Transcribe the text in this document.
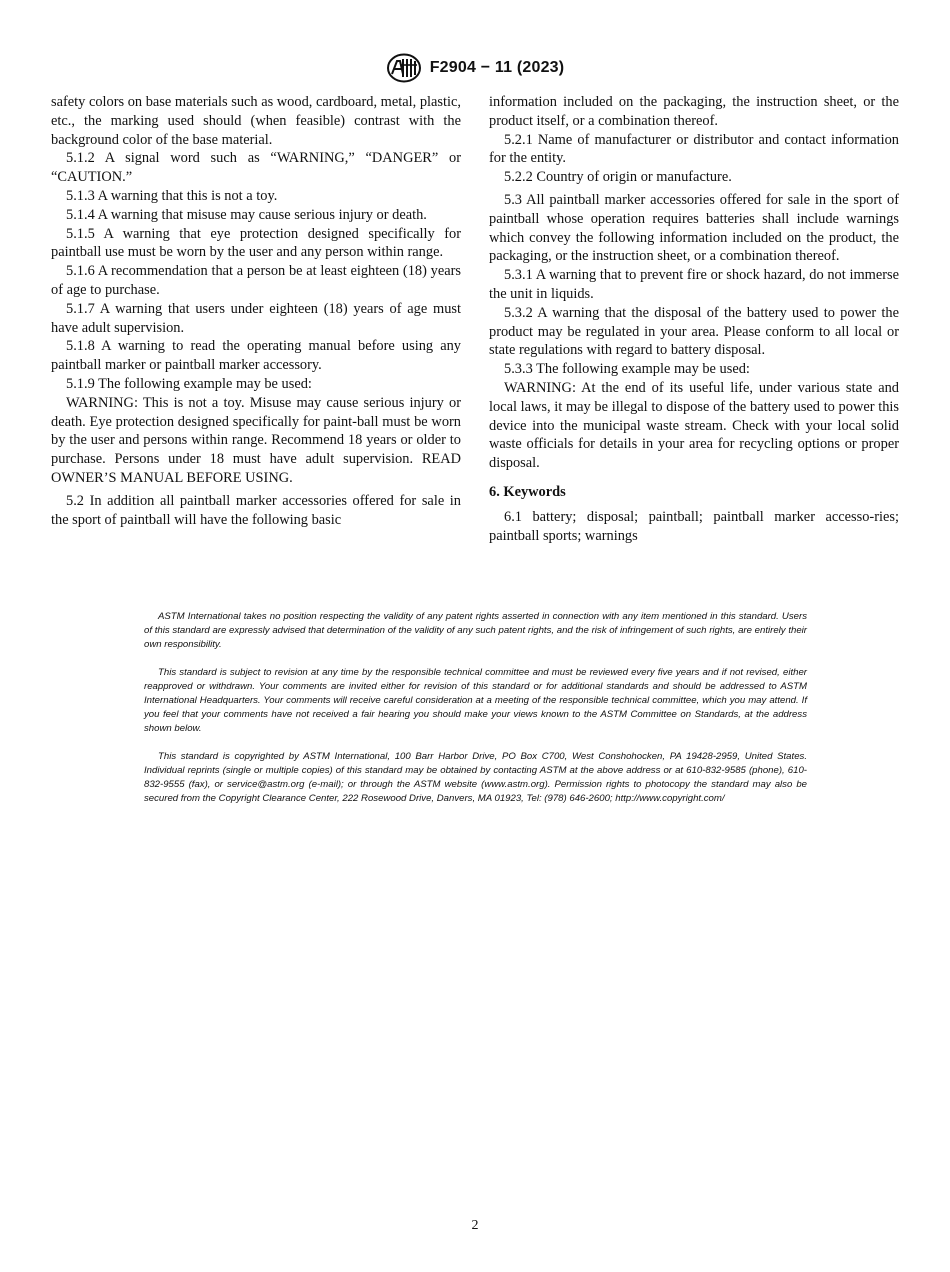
F2904 − 11 (2023)

safety colors on base materials such as wood, cardboard, metal, plastic, etc., the marking used should (when feasible) contrast with the background color of the base material.

5.1.2 A signal word such as “WARNING,” “DANGER” or “CAUTION.”

5.1.3 A warning that this is not a toy.

5.1.4 A warning that misuse may cause serious injury or death.

5.1.5 A warning that eye protection designed specifically for paintball use must be worn by the user and any person within range.

5.1.6 A recommendation that a person be at least eighteen (18) years of age to purchase.

5.1.7 A warning that users under eighteen (18) years of age must have adult supervision.

5.1.8 A warning to read the operating manual before using any paintball marker or paintball marker accessory.

5.1.9 The following example may be used:

WARNING: This is not a toy. Misuse may cause serious injury or death. Eye protection designed specifically for paint-ball must be worn by the user and persons within range. Recommend 18 years or older to purchase. Persons under 18 must have adult supervision. READ OWNER’S MANUAL BEFORE USING.

5.2 In addition all paintball marker accessories offered for sale in the sport of paintball will have the following basic

information included on the packaging, the instruction sheet, or the product itself, or a combination thereof.

5.2.1 Name of manufacturer or distributor and contact information for the entity.

5.2.2 Country of origin or manufacture.

5.3 All paintball marker accessories offered for sale in the sport of paintball whose operation requires batteries shall include warnings which convey the following information included on the product, the packaging, or the instruction sheet, or a combination thereof.

5.3.1 A warning that to prevent fire or shock hazard, do not immerse the unit in liquids.

5.3.2 A warning that the disposal of the battery used to power the product may be regulated in your area. Please conform to all local or state regulations with regard to battery disposal.

5.3.3 The following example may be used:

WARNING: At the end of its useful life, under various state and local laws, it may be illegal to dispose of the battery used to power this device into the municipal waste stream. Check with your local solid waste officials for details in your area for recycling options or proper disposal.

6. Keywords

6.1 battery; disposal; paintball; paintball marker accesso-ries; paintball sports; warnings

ASTM International takes no position respecting the validity of any patent rights asserted in connection with any item mentioned in this standard. Users of this standard are expressly advised that determination of the validity of any such patent rights, and the risk of infringement of such rights, are entirely their own responsibility.

This standard is subject to revision at any time by the responsible technical committee and must be reviewed every five years and if not revised, either reapproved or withdrawn. Your comments are invited either for revision of this standard or for additional standards and should be addressed to ASTM International Headquarters. Your comments will receive careful consideration at a meeting of the responsible technical committee, which you may attend. If you feel that your comments have not received a fair hearing you should make your views known to the ASTM Committee on Standards, at the address shown below.

This standard is copyrighted by ASTM International, 100 Barr Harbor Drive, PO Box C700, West Conshohocken, PA 19428-2959, United States. Individual reprints (single or multiple copies) of this standard may be obtained by contacting ASTM at the above address or at 610-832-9585 (phone), 610-832-9555 (fax), or service@astm.org (e-mail); or through the ASTM website (www.astm.org). Permission rights to photocopy the standard may also be secured from the Copyright Clearance Center, 222 Rosewood Drive, Danvers, MA 01923, Tel: (978) 646-2600; http://www.copyright.com/

2
